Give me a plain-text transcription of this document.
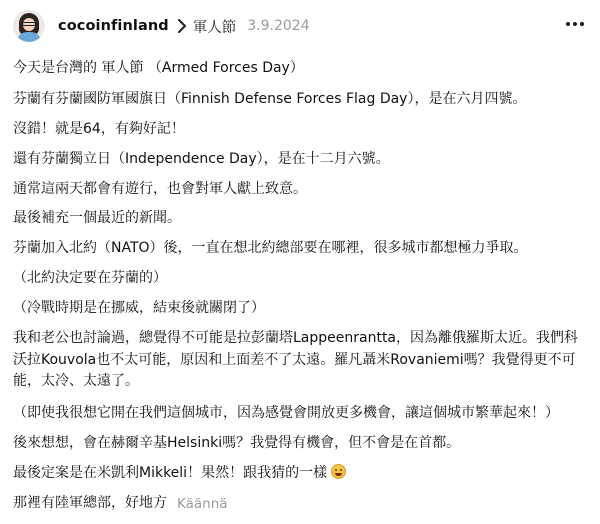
cocoinfinland 軍人節 3.9.2024

今天是台灣的 軍人節 （Armed Forces Day）

芬蘭有芬蘭國防軍國旗日（Finnish Defense Forces Flag Day），是在六月四號。

沒錯！就是64，有夠好記！

還有芬蘭獨立日（Independence Day），是在十二月六號。

通常這兩天都會有遊行，也會對軍人獻上致意。

最後補充一個最近的新聞。

芬蘭加入北約（NATO）後，一直在想北約總部要在哪裡，很多城市都想極力爭取。

（北約決定要在芬蘭的）

（冷戰時期是在挪威，結束後就關閉了）

我和老公也討論過，總覺得不可能是拉彭蘭塔Lappeenrantta，因為離俄羅斯太近。我們科沃拉Kouvola也不太可能，原因和上面差不了太遠。羅凡聶米Rovaniemi嗎？我覺得更不可能，太冷、太遠了。

（即使我很想它開在我們這個城市，因為感覺會開放更多機會，讓這個城市繁華起來！）

後來想想，會在赫爾辛基Helsinki嗎？我覺得有機會，但不會是在首都。

最後定案是在米凱利Mikkeli！果然！跟我猜的一樣

那裡有陸軍總部，好地方 Käännä
